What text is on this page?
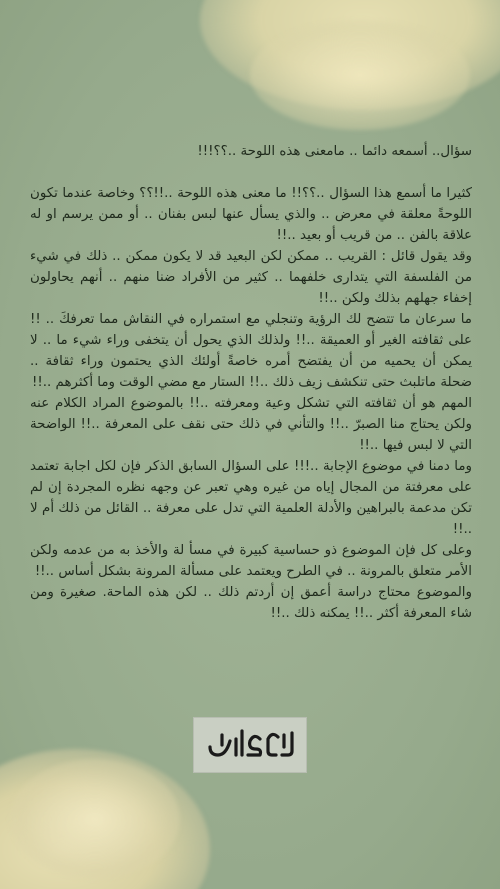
سؤال.. أسمعه دائما .. مامعنى هذه اللوحة ..؟؟!!!

كثيرا ما أسمع هذا السؤال ..؟؟!! ما معنى هذه اللوحة ..!!؟؟ وخاصة عندما تكون اللوحةً معلقة في معرض .. والذي يسأل عنها لبس بفنان .. أو ممن يرسم او له علاقة بالفن .. من قريب أو بعيد ..!!

وقد يقول قائل : القريب .. ممكن لكن البعيد قد لا يكون ممكن .. ذلك في شيء من الفلسفة التي يتدارى خلفهما .. كثير من الأفراد ضنا منهم .. أنهم يحاولون إخفاء جهلهم بذلك ولكن ..!!

ما سرعان ما تتضح لك الرؤية وتنجلي مع استمراره في النقاش مما تعرفكَ .. !! على ثقافته الغير أو العميقة ..!! ولذلك الذي يحول أن يتخفى وراء شيء ما .. لا يمكن أن يحميه من أن يفتضح أمره خاصةً أولئك الذي يحتمون وراء ثقافة .. ضحلة ماتلبث حتى تنكشف زيف ذلك ..!! الستار مع مضي الوقت وما أكثرهم ..!!

المهم هو أن ثقافته التي تشكل وعية ومعرفته ..!! بالموضوع المراد الكلام عنه ولكن يحتاج منا الصبرّ ..!! والتأني في ذلك حتى نقف على المعرفة ..!! الواضحة التي لا لبس فيها ..!!

وما دمنا في موضوع الإجابة ..!!! على السؤال السابق الذكر فإن لكل اجابة تعتمد على معرفتة من المجال إياه من غيره وهي تعبر عن وجهه نظره المجردة إن لم تكن مدعمة بالبراهين والأدلة العلمية التي تدل على معرفة .. القائل من ذلك أم لا ..!!

وعلى كل فإن الموضوع ذو حساسية كبيرة في مسأ لة والأخذ به من عدمه ولكن الأمر متعلق بالمرونة .. في الطرح ويعتمد على مسألة المرونة بشكل أساس ..!!

والموضوع محتاج دراسة أعمق إن أردتم ذلك .. لكن هذه الماحة. صغيرة ومن شاء المعرفة أكثر ..!! يمكنه ذلك ..!!
